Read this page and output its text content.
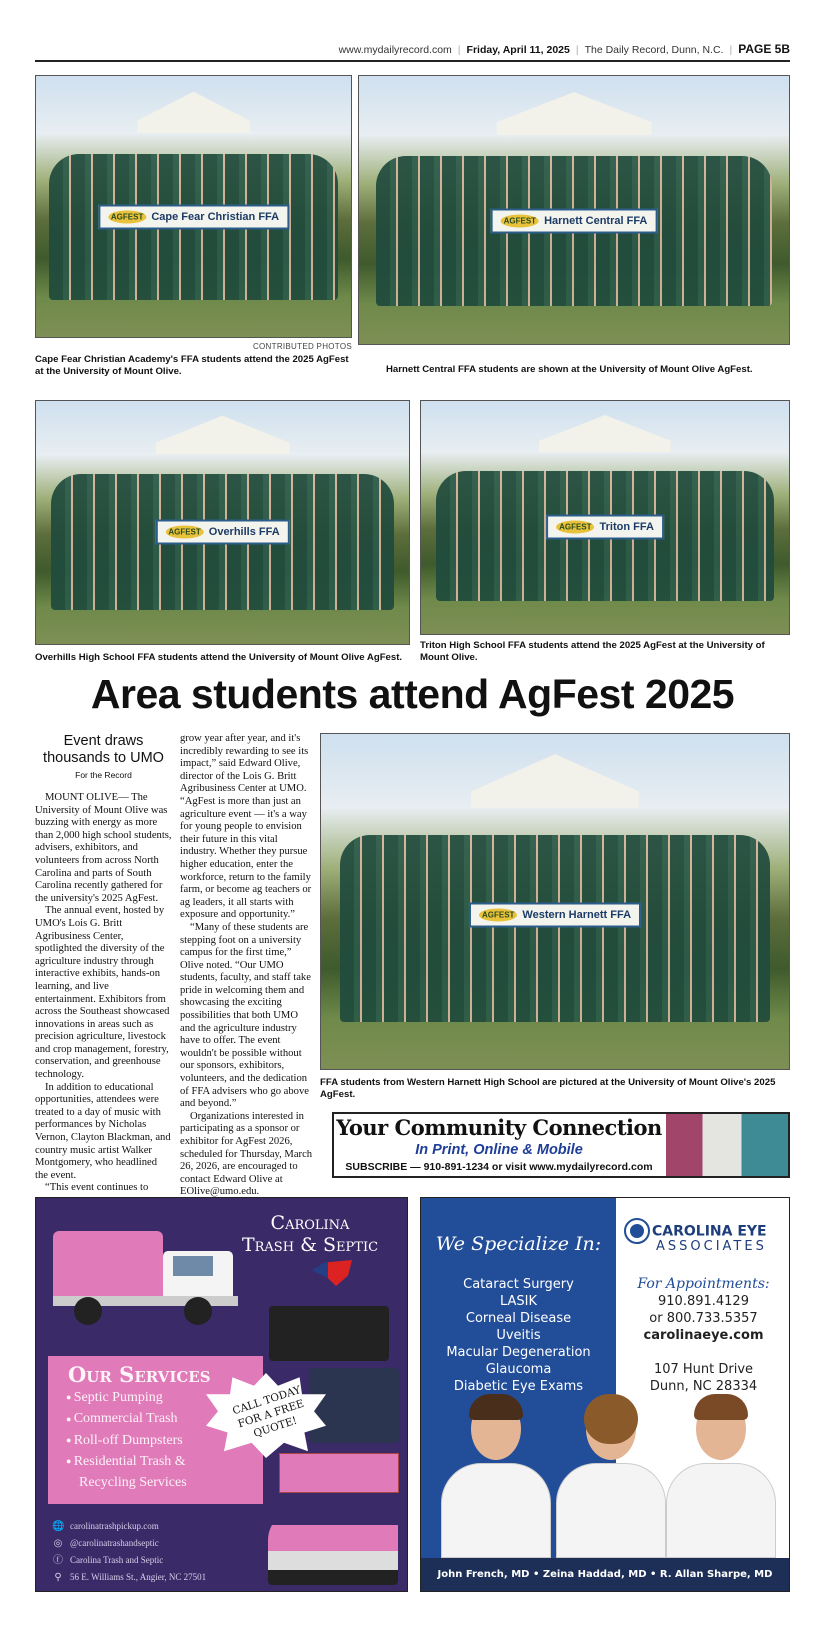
www.mydailyrecord.com | Friday, April 11, 2025 | The Daily Record, Dunn, N.C. | PAGE 5B
AGFEST Cape Fear Christian FFA
CONTRIBUTED PHOTOS
Cape Fear Christian Academy's FFA students attend the 2025 AgFest at the University of Mount Olive.
AGFEST Harnett Central FFA
Harnett Central FFA students are shown at the University of Mount Olive AgFest.
AGFEST Overhills FFA
Overhills High School FFA students attend the University of Mount Olive AgFest.
AGFEST Triton FFA
Triton High School FFA students attend the 2025 AgFest at the University of Mount Olive.
Area students attend AgFest 2025
Event draws thousands to UMO
For the Record

MOUNT OLIVE— The University of Mount Olive was buzzing with energy as more than 2,000 high school students, advisers, exhibitors, and volunteers from across North Carolina and parts of South Carolina recently gathered for the university's 2025 AgFest.

The annual event, hosted by UMO's Lois G. Britt Agribusiness Center, spotlighted the diversity of the agriculture industry through interactive exhibits, hands-on learning, and live entertainment. Exhibitors from across the Southeast showcased innovations in areas such as precision agriculture, livestock and crop management, forestry, conservation, and greenhouse technology.

In addition to educational opportunities, attendees were treated to a day of music with performances by Nicholas Vernon, Clayton Blackman, and country music artist Walker Montgomery, who headlined the event.

“This event continues to

grow year after year, and it's incredibly rewarding to see its impact,” said Edward Olive, director of the Lois G. Britt Agribusiness Center at UMO. “AgFest is more than just an agriculture event — it's a way for young people to envision their future in this vital industry. Whether they pursue higher education, enter the workforce, return to the family farm, or become ag teachers or ag leaders, it all starts with exposure and opportunity.”

“Many of these students are stepping foot on a university campus for the first time,” Olive noted. “Our UMO students, faculty, and staff take pride in welcoming them and showcasing the exciting possibilities that both UMO and the agriculture industry have to offer. The event wouldn't be possible without our sponsors, exhibitors, volunteers, and the dedication of FFA advisers who go above and beyond.”

Organizations interested in participating as a sponsor or exhibitor for AgFest 2026, scheduled for Thursday, March 26, 2026, are encouraged to contact Edward Olive at EOlive@umo.edu.

AGFEST Western Harnett FFA
FFA students from Western Harnett High School are pictured at the University of Mount Olive's 2025 AgFest.
Your Community Connection
In Print, Online & Mobile
SUBSCRIBE — 910-891-1234 or visit www.mydailyrecord.com
Carolina
Trash & Septic
Our Services
● Septic Pumping
● Commercial Trash
● Roll-off Dumpsters
● Residential Trash &
Recycling Services
CALL TODAY FOR A FREE QUOTE!
🌐 carolinatrashpickup.com
◎ @carolinatrashandseptic
ⓕ Carolina Trash and Septic
⚲ 56 E. Williams St., Angier, NC 27501
We Specialize In:
Cataract Surgery
LASIK
Corneal Disease
Uveitis
Macular Degeneration
Glaucoma
Diabetic Eye Exams
CAROLINA EYE
ASSOCIATES
For Appointments:
910.891.4129
or 800.733.5357
carolinaeye.com
107 Hunt Drive
Dunn, NC 28334
John French, MD • Zeina Haddad, MD • R. Allan Sharpe, MD
